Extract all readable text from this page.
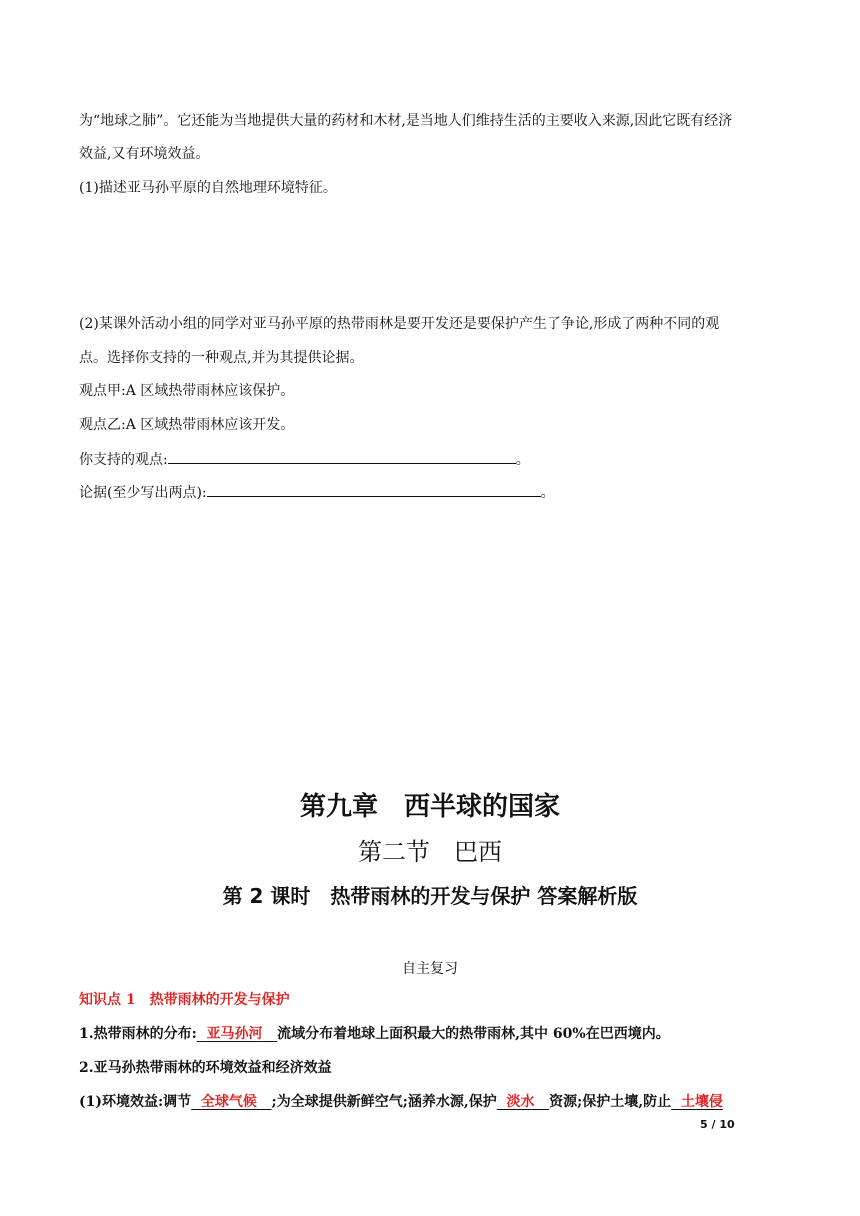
为“地球之肺”。它还能为当地提供大量的药材和木材,是当地人们维持生活的主要收入来源,因此它既有经济
效益,又有环境效益。
(1)描述亚马孙平原的自然地理环境特征。
(2)某课外活动小组的同学对亚马孙平原的热带雨林是要开发还是要保护产生了争论,形成了两种不同的观
点。选择你支持的一种观点,并为其提供论据。
观点甲:A 区域热带雨林应该保护。
观点乙:A 区域热带雨林应该开发。
你支持的观点:	。
论据(至少写出两点):	。
第九章　西半球的国家
第二节　巴西
第 2 课时　热带雨林的开发与保护 答案解析版
自主复习
知识点 1　热带雨林的开发与保护
1.热带雨林的分布: 亚马孙河 流域分布着地球上面积最大的热带雨林,其中 60%在巴西境内。
2.亚马孙热带雨林的环境效益和经济效益
(1)环境效益:调节 全球气候 ;为全球提供新鲜空气;涵养水源,保护 淡水 资源;保护土壤,防止 土壤侵
5 / 10
